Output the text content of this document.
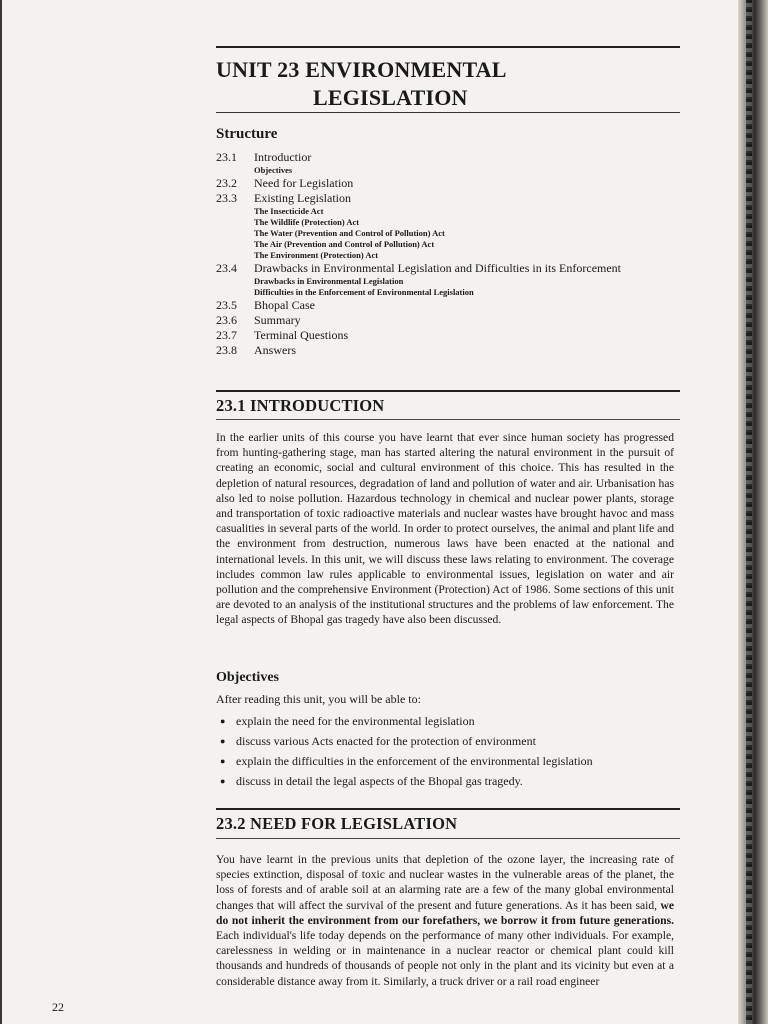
UNIT 23 ENVIRONMENTAL
LEGISLATION
Structure
23.1	Introductior
Objectives
23.2	Need for Legislation
23.3	Existing Legislation
The Insecticide Act
The Wildlife (Protection) Act
The Water (Prevention and Control of Pollution) Act
The Air (Prevention and Control of Pollution) Act
The Environment (Protection) Act
23.4	Drawbacks in Environmental Legislation and Difficulties in its Enforcement
Drawbacks in Environmental Legislation
Difficulties in the Enforcement of Environmental Legislation
23.5	Bhopal Case
23.6	Summary
23.7	Terminal Questions
23.8	Answers
23.1 INTRODUCTION

In the earlier units of this course you have learnt that ever since human society has progressed from hunting-gathering stage, man has started altering the natural environment in the pursuit of creating an economic, social and cultural environment of this choice. This has resulted in the depletion of natural resources, degradation of land and pollution of water and air. Urbanisation has also led to noise pollution. Hazardous technology in chemical and nuclear power plants, storage and transportation of toxic radioactive materials and nuclear wastes have brought havoc and mass casualities in several parts of the world. In order to protect ourselves, the animal and plant life and the environment from destruction, numerous laws have been enacted at the national and international levels. In this unit, we will discuss these laws relating to environment. The coverage includes common law rules applicable to environmental issues, legislation on water and air pollution and the comprehensive Environment (Protection) Act of 1986. Some sections of this unit are devoted to an analysis of the institutional structures and the problems of law enforcement. The legal aspects of Bhopal gas tragedy have also been discussed.

Objectives

After reading this unit, you will be able to:

● explain the need for the environmental legislation
● discuss various Acts enacted for the protection of environment
● explain the difficulties in the enforcement of the environmental legislation
● discuss in detail the legal aspects of the Bhopal gas tragedy.
23.2 NEED FOR LEGISLATION

You have learnt in the previous units that depletion of the ozone layer, the increasing rate of species extinction, disposal of toxic and nuclear wastes in the vulnerable areas of the planet, the loss of forests and of arable soil at an alarming rate are a few of the many global environmental changes that will affect the survival of the present and future generations. As it has been said, we do not inherit the environment from our forefathers, we borrow it from future generations. Each individual's life today depends on the performance of many other individuals. For example, carelessness in welding or in maintenance in a nuclear reactor or chemical plant could kill thousands and hundreds of thousands of people not only in the plant and its vicinity but even at a considerable distance away from it. Similarly, a truck driver or a rail road engineer

22
